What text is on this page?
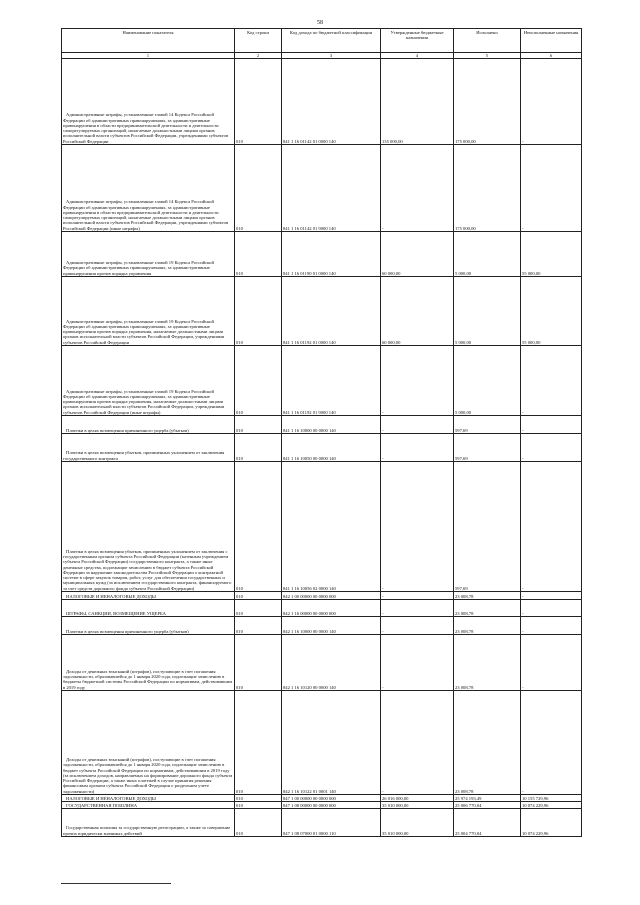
58
Наименование показателя	Код строки	Код дохода по бюджетной классификации	Утвержденные бюджетные назначения	Исполнено	Неисполненные назначения
1	2	3	4	5	6
Административные штрафы, установленные главой 14 Кодекса Российской Федерации об административных правонарушениях, за административные правонарушения в области предпринимательской деятельности и деятельности саморегулируемых организаций, налагаемые должностными лицами органов исполнительной власти субъектов Российской Федерации, учреждениями субъектов Российской Федерации	010	841 1 16 01142 01 0000 140	135 000,00	175 000,00	-
Административные штрафы, установленные главой 14 Кодекса Российской Федерации об административных правонарушениях, за административные правонарушения в области предпринимательской деятельности и деятельности саморегулируемых организаций, налагаемые должностными лицами органов исполнительной власти субъектов Российской Федерации, учреждениями субъектов Российской Федерации (иные штрафы)	010	841 1 16 01142 01 9000 140	-	175 000,00	-
Административные штрафы, установленные главой 19 Кодекса Российской Федерации об административных правонарушениях, за административные правонарушения против порядка управления	010	841 1 16 01190 01 0000 140	60 000,00	5 000,00	55 000,00
Административные штрафы, установленные главой 19 Кодекса Российской Федерации об административных правонарушениях, за административные правонарушения против порядка управления, налагаемые должностными лицами органов исполнительной власти субъектов Российской Федерации, учреждениями субъектов Российской Федерации	010	841 1 16 01192 01 0000 140	60 000,00	5 000,00	55 000,00
Административные штрафы, установленные главой 19 Кодекса Российской Федерации об административных правонарушениях, за административные правонарушения против порядка управления, налагаемые должностными лицами органов исполнительной власти субъектов Российской Федерации, учреждениями субъектов Российской Федерации (иные штрафы)	010	841 1 16 01192 01 9000 140	-	5 000,00	-
Платежи в целях возмещения причиненного ущерба (убытков)	010	841 1 16 10000 00 0000 140	-	597,69	-
Платежи в целях возмещения убытков, причиненных уклонением от заключения государственного контракта	010	841 1 16 10050 00 0000 140	-	597,69	-
Платежи в целях возмещения убытков, причиненных уклонением от заключения с государственным органом субъекта Российской Федерации (казенным учреждением субъекта Российской Федерации) государственного контракта, а также иные денежные средства, подлежащие зачислению в бюджет субъекта Российской Федерации за нарушение законодательства Российской Федерации о контрактной системе в сфере закупок товаров, работ, услуг для обеспечения государственных и муниципальных нужд (за исключением государственного контракта, финансируемого за счет средств дорожного фонда субъекта Российской Федерации)	010	841 1 16 10056 02 0000 140	-	597,69	-
НАЛОГОВЫЕ И НЕНАЛОГОВЫЕ ДОХОДЫ	010	842 1 00 00000 00 0000 000	-	23 008,78	-
ШТРАФЫ, САНКЦИИ, ВОЗМЕЩЕНИЕ УЩЕРБА	010	842 1 16 00000 00 0000 000	-	23 008,78	-
Платежи в целях возмещения причиненного ущерба (убытков)	010	842 1 16 10000 00 0000 140	-	23 008,78	-
Доходы от денежных взысканий (штрафов), поступающие в счет погашения задолженности, образовавшейся до 1 января 2020 года, подлежащие зачислению в бюджеты бюджетной системы Российской Федерации по нормативам, действовавшим в 2019 году	010	842 1 16 10120 00 0000 140	-	23 008,78	-
Доходы от денежных взысканий (штрафов), поступающие в счет погашения задолженности, образовавшейся до 1 января 2020 года, подлежащие зачислению в бюджет субъекта Российской Федерации по нормативам, действовавшим в 2019 году (за исключением доходов, направляемых на формирование дорожного фонда субъекта Российской Федерации, а также иных платежей в случае принятия решения финансовым органом субъекта Российской Федерации о раздельном учете задолженности)	010	842 1 16 10122 01 0001 140	-	23 008,78	-
НАЛОГОВЫЕ И НЕНАЛОГОВЫЕ ДОХОДЫ	010	847 1 00 00000 00 0000 000	26 016 000,00	25 974 193,49	10 155 729,96
ГОСУДАРСТВЕННАЯ ПОШЛИНА	010	847 1 08 00000 00 0000 000	35 010 000,00	25 006 770,04	10 074 229,96
Государственная пошлина за государственную регистрацию, а также за совершение прочих юридически значимых действий	010	847 1 08 07000 01 0000 110	35 010 000,00	25 004 770,04	10 074 229,96
